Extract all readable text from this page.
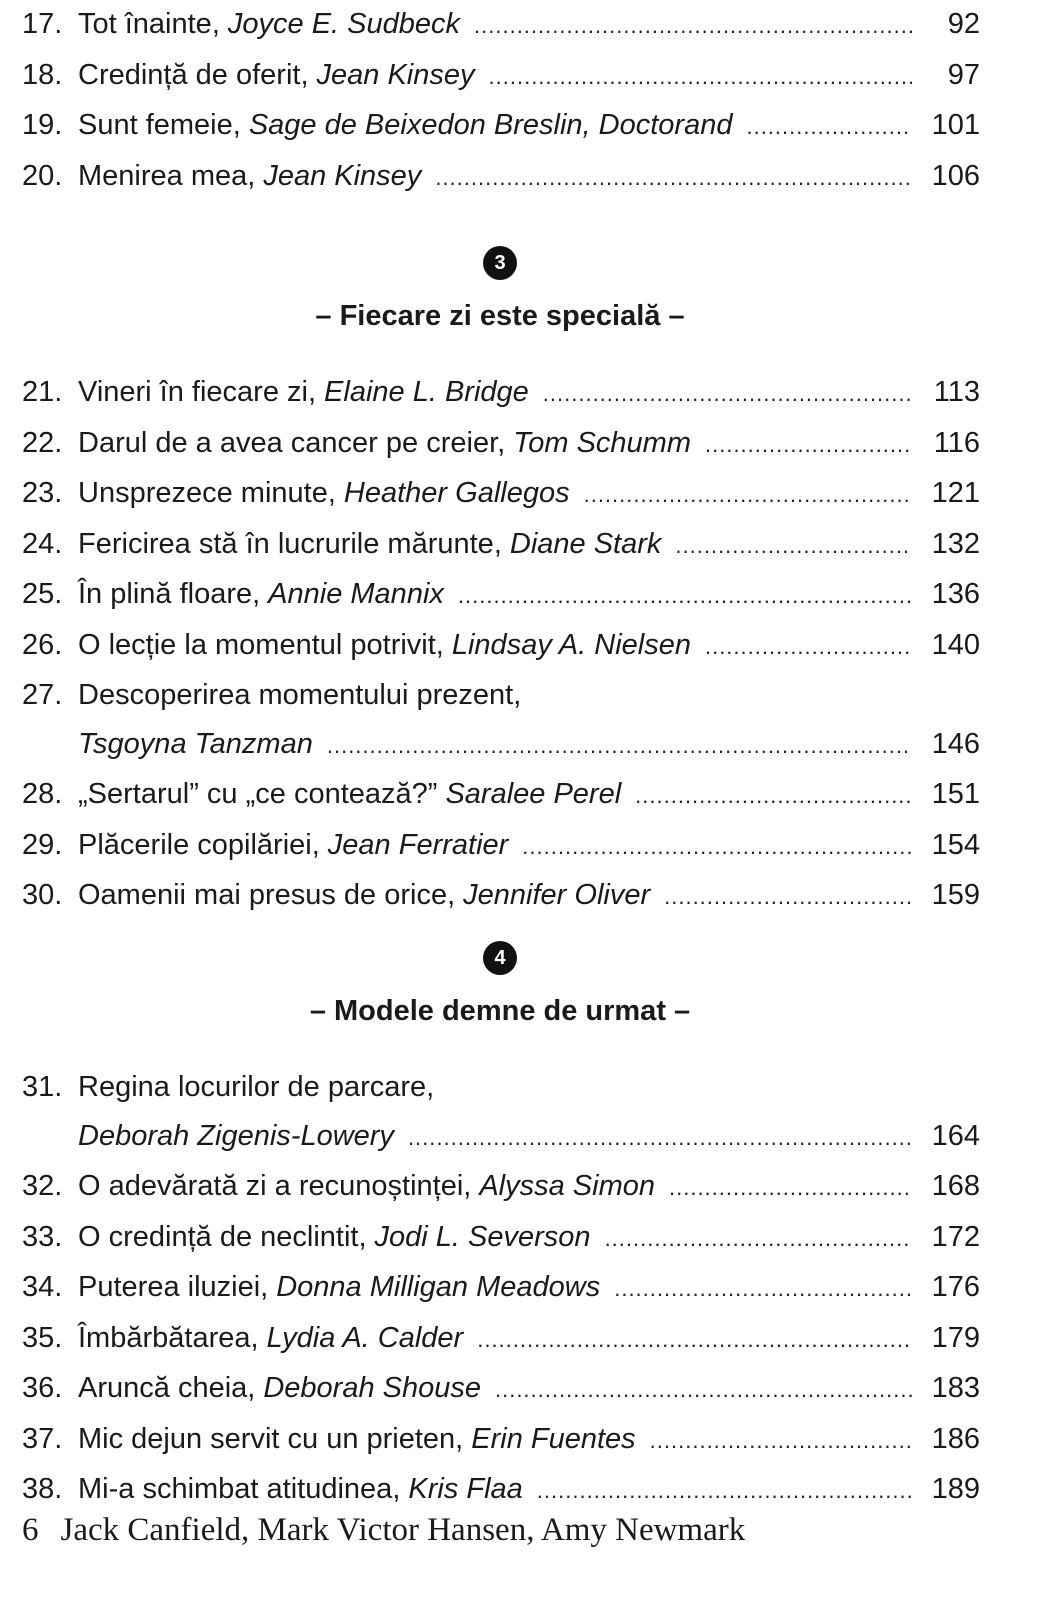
17. Tot înainte, Joyce E. Sudbeck .....	92
18. Credință de oferit, Jean Kinsey .....	97
19. Sunt femeie, Sage de Beixedon Breslin, Doctorand .....	101
20. Menirea mea, Jean Kinsey .....	106
3
– Fiecare zi este specială –
21. Vineri în fiecare zi, Elaine L. Bridge .....	113
22. Darul de a avea cancer pe creier, Tom Schumm .....	116
23. Unsprezece minute, Heather Gallegos .....	121
24. Fericirea stă în lucrurile mărunte, Diane Stark .....	132
25. În plină floare, Annie Mannix .....	136
26. O lecție la momentul potrivit, Lindsay A. Nielsen .....	140
27. Descoperirea momentului prezent,
Tsgoyna Tanzman .....	146
28. „Sertarul” cu „ce contează?” Saralee Perel .....	151
29. Plăcerile copilăriei, Jean Ferratier .....	154
30. Oamenii mai presus de orice, Jennifer Oliver .....	159
4
– Modele demne de urmat –
31. Regina locurilor de parcare,
Deborah Zigenis-Lowery .....	164
32. O adevărată zi a recunoștinței, Alyssa Simon .....	168
33. O credință de neclintit, Jodi L. Severson .....	172
34. Puterea iluziei, Donna Milligan Meadows .....	176
35. Îmbărbătarea, Lydia A. Calder .....	179
36. Aruncă cheia, Deborah Shouse .....	183
37. Mic dejun servit cu un prieten, Erin Fuentes .....	186
38. Mi-a schimbat atitudinea, Kris Flaa .....	189
6 Jack Canfield, Mark Victor Hansen, Amy Newmark
